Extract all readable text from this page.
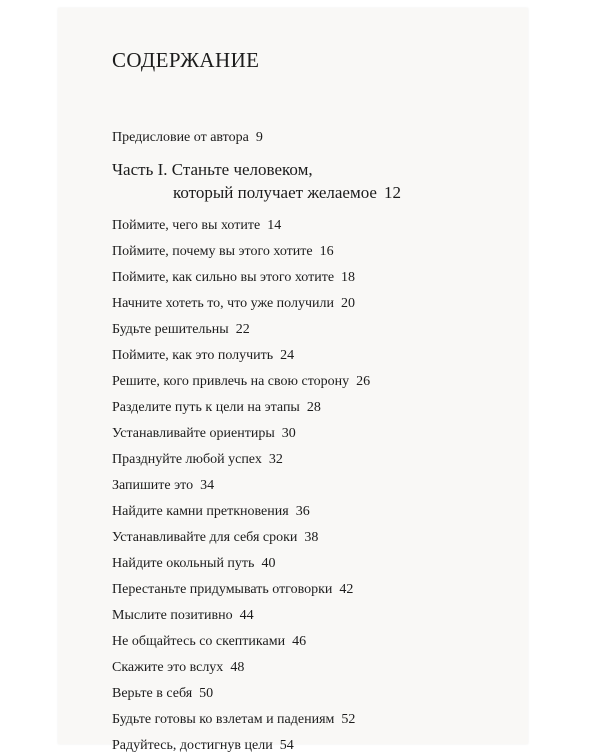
СОДЕРЖАНИЕ
Предисловие от автора 9
Часть I. Станьте человеком,
который получает желаемое 12
Поймите, чего вы хотите 14
Поймите, почему вы этого хотите 16
Поймите, как сильно вы этого хотите 18
Начните хотеть то, что уже получили 20
Будьте решительны 22
Поймите, как это получить 24
Решите, кого привлечь на свою сторону 26
Разделите путь к цели на этапы 28
Устанавливайте ориентиры 30
Празднуйте любой успех 32
Запишите это 34
Найдите камни преткновения 36
Устанавливайте для себя сроки 38
Найдите окольный путь 40
Перестаньте придумывать отговорки 42
Мыслите позитивно 44
Не общайтесь со скептиками 46
Скажите это вслух 48
Верьте в себя 50
Будьте готовы ко взлетам и падениям 52
Радуйтесь, достигнув цели 54
